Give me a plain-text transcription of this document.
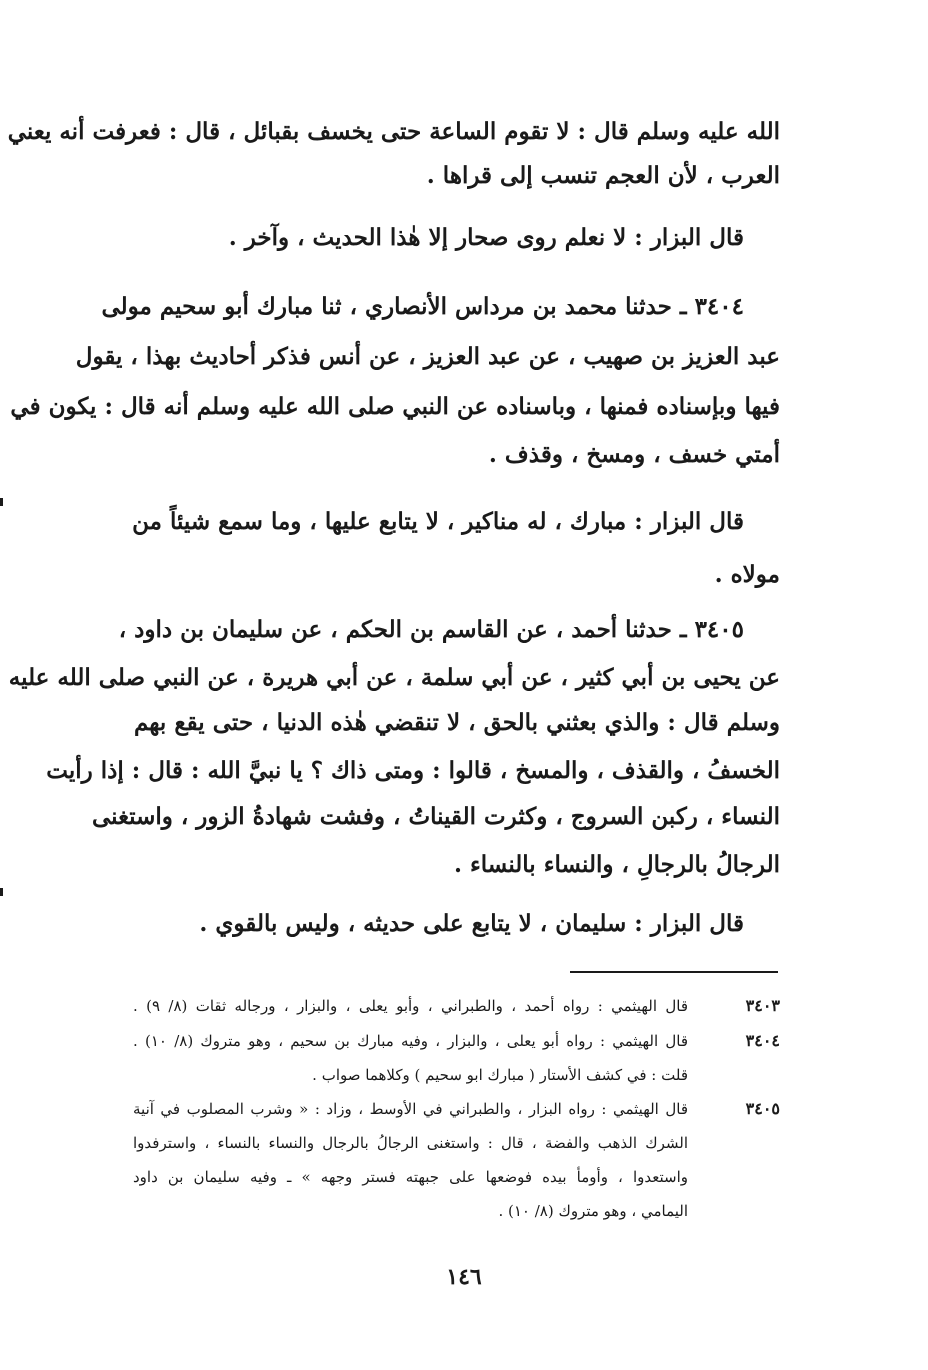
الله عليه وسلم قال : لا تقوم الساعة حتى يخسف بقبائل ، قال : فعرفت أنه يعني
العرب ، لأن العجم تنسب إلى قراها .
قال البزار : لا نعلم روى صحار إلا هٰذا الحديث ، وآخر .
٣٤٠٤ ـ حدثنا محمد بن مرداس الأنصاري ، ثنا مبارك أبو سحيم مولى
عبد العزيز بن صهيب ، عن عبد العزيز ، عن أنس فذكر أحاديث بهذا ، يقول
فيها وبإسناده فمنها ، وباسناده عن النبي صلى الله عليه وسلم أنه قال : يكون في
أمتي خسف ، ومسخ ، وقذف .
قال البزار : مبارك ، له مناكير ، لا يتابع عليها ، وما سمع شيئاً من
مولاه .
٣٤٠٥ ـ حدثنا أحمد ، عن القاسم بن الحكم ، عن سليمان بن داود ،
عن يحيى بن أبي كثير ، عن أبي سلمة ، عن أبي هريرة ، عن النبي صلى الله عليه
وسلم قال : والذي بعثني بالحق ، لا تنقضي هٰذه الدنيا ، حتى يقع بهم
الخسفُ ، والقذف ، والمسخ ، قالوا : ومتى ذاك ؟ يا نبيَّ الله : قال : إذا رأيت
النساء ، ركبن السروج ، وكثرت القيناتُ ، وفشت شهادةُ الزور ، واستغنى
الرجالُ بالرجالِ ، والنساء بالنساء .
قال البزار : سليمان ، لا يتابع على حديثه ، وليس بالقوي .
٣٤٠٣
قال الهيثمي : رواه أحمد ، والطبراني ، وأبو يعلى ، والبزار ، ورجاله ثقات (٨/ ٩) .
٣٤٠٤
قال الهيثمي : رواه أبو يعلى ، والبزار ، وفيه مبارك بن سحيم ، وهو متروك (٨/ ١٠) .
قلت : في كشف الأستار ( مبارك ابو سحيم ) وكلاهما صواب .
٣٤٠٥
قال الهيثمي : رواه البزار ، والطبراني في الأوسط ، وزاد : « وشرب المصلوب في آنية
الشرك الذهب والفضة ، قال : واستغنى الرجالُ بالرجال والنساء بالنساء ، واسترفدوا
واستعدوا ، وأومأ بيده فوضعها على جبهته فستر وجهه » ـ وفيه سليمان بن داود
اليمامي ، وهو متروك (٨/ ١٠) .
١٤٦
